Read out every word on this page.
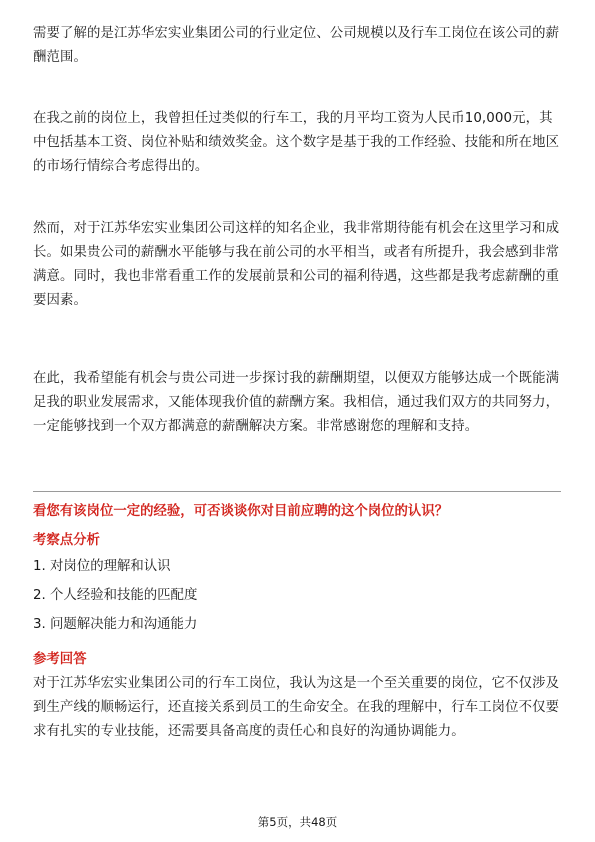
需要了解的是江苏华宏实业集团公司的行业定位、公司规模以及行车工岗位在该公司的薪酬范围。

在我之前的岗位上，我曾担任过类似的行车工，我的月平均工资为人民币10,000元，其中包括基本工资、岗位补贴和绩效奖金。这个数字是基于我的工作经验、技能和所在地区的市场行情综合考虑得出的。

然而，对于江苏华宏实业集团公司这样的知名企业，我非常期待能有机会在这里学习和成长。如果贵公司的薪酬水平能够与我在前公司的水平相当，或者有所提升，我会感到非常满意。同时，我也非常看重工作的发展前景和公司的福利待遇，这些都是我考虑薪酬的重要因素。

在此，我希望能有机会与贵公司进一步探讨我的薪酬期望，以便双方能够达成一个既能满足我的职业发展需求，又能体现我价值的薪酬方案。我相信，通过我们双方的共同努力，一定能够找到一个双方都满意的薪酬解决方案。非常感谢您的理解和支持。

看您有该岗位一定的经验，可否谈谈你对目前应聘的这个岗位的认识？

考察点分析

1. 对岗位的理解和认识

2. 个人经验和技能的匹配度

3. 问题解决能力和沟通能力

参考回答

对于江苏华宏实业集团公司的行车工岗位，我认为这是一个至关重要的岗位，它不仅涉及到生产线的顺畅运行，还直接关系到员工的生命安全。在我的理解中，行车工岗位不仅要求有扎实的专业技能，还需要具备高度的责任心和良好的沟通协调能力。

第5页，共48页
